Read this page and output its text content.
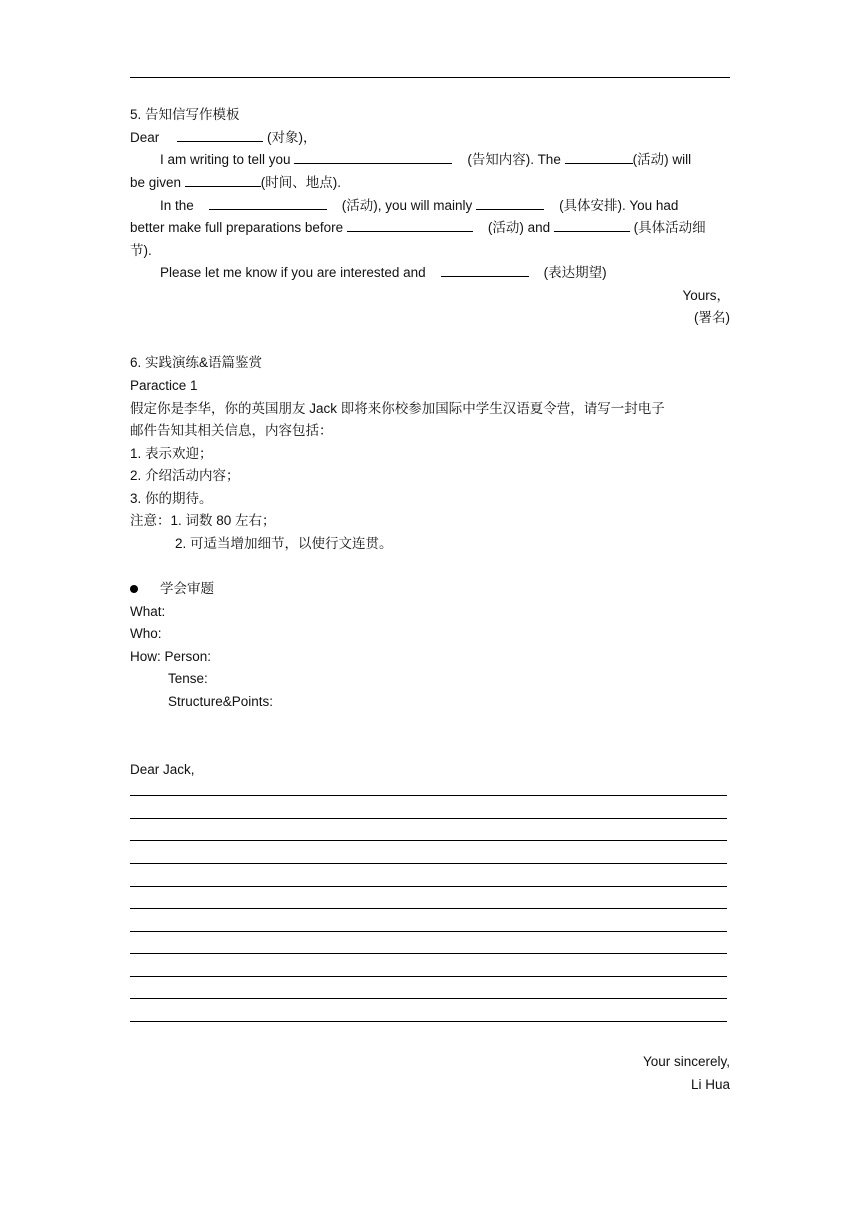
5. 告知信写作模板
Dear	(对象)，
I am writing to tell you	(告知内容). The	(活动) will
be given	(时间、地点).
In the	(活动), you will mainly	(具体安排). You had
better make full preparations before	(活动) and	(具体活动细
节).
Please let me know if you are interested and	(表达期望)
Yours，
(署名)
6. 实践演练&语篇鉴赏
Paractice 1
假定你是李华，你的英国朋友 Jack 即将来你校参加国际中学生汉语夏令营，请写一封电子
邮件告知其相关信息，内容包括：
1. 表示欢迎；
2. 介绍活动内容；
3. 你的期待。
注意：1. 词数 80 左右；
2. 可适当增加细节，以使行文连贯。
学会审题
What:
Who:
How: Person:
Tense:
Structure&Points:
Dear Jack,
Your sincerely,
Li Hua
